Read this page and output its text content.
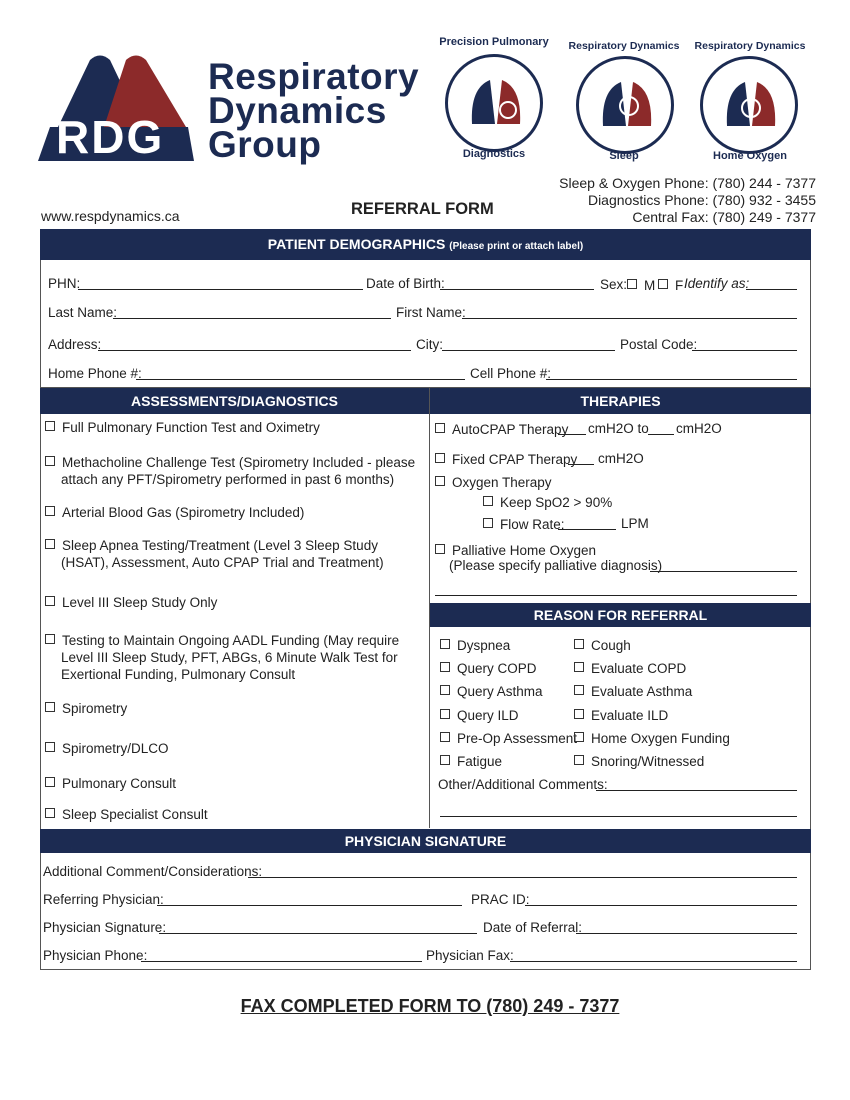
RDG
Respiratory
Dynamics
Group
Precision Pulmonary
Diagnostics
Respiratory Dynamics
Sleep
Respiratory Dynamics
Home Oxygen
Sleep & Oxygen Phone: (780) 244 - 7377
Diagnostics Phone: (780) 932 - 3455
Central Fax: (780) 249 - 7377
www.respdynamics.ca	REFERRAL FORM
PATIENT DEMOGRAPHICS (Please print or attach label)
PHN:	Date of Birth:	Sex:	M	F Identify as:
Last Name:	First Name:
Address:	City:	Postal Code:
Home Phone #:	Cell Phone #:
ASSESSMENTS/DIAGNOSTICS	THERAPIES
Full Pulmonary Function Test and Oximetry
Methacholine Challenge Test (Spirometry Included - please attach any PFT/Spirometry performed in past 6 months)
Arterial Blood Gas (Spirometry Included)
Sleep Apnea Testing/Treatment (Level 3 Sleep Study (HSAT), Assessment, Auto CPAP Trial and Treatment)
Level III Sleep Study Only
Testing to Maintain Ongoing AADL Funding (May require Level III Sleep Study, PFT, ABGs, 6 Minute Walk Test for Exertional Funding, Pulmonary Consult
Spirometry
Spirometry/DLCO
Pulmonary Consult
Sleep Specialist Consult
AutoCPAP Therapy cmH2O to cmH2O
Fixed CPAP Therapy cmH2O
Oxygen Therapy
Keep SpO2 > 90%
Flow Rate:	LPM
Palliative Home Oxygen
(Please specify palliative diagnosis)
REASON FOR REFERRAL
Dyspnea
Query COPD
Query Asthma
Query ILD
Pre-Op Assessment
Fatigue
Cough
Evaluate COPD
Evaluate Asthma
Evaluate ILD
Home Oxygen Funding
Snoring/Witnessed
Other/Additional Comments:
PHYSICIAN SIGNATURE
Additional Comment/Considerations:
Referring Physician:	PRAC ID:
Physician Signature:	Date of Referral:
Physician Phone:	Physician Fax:
FAX COMPLETED FORM TO (780) 249 - 7377
